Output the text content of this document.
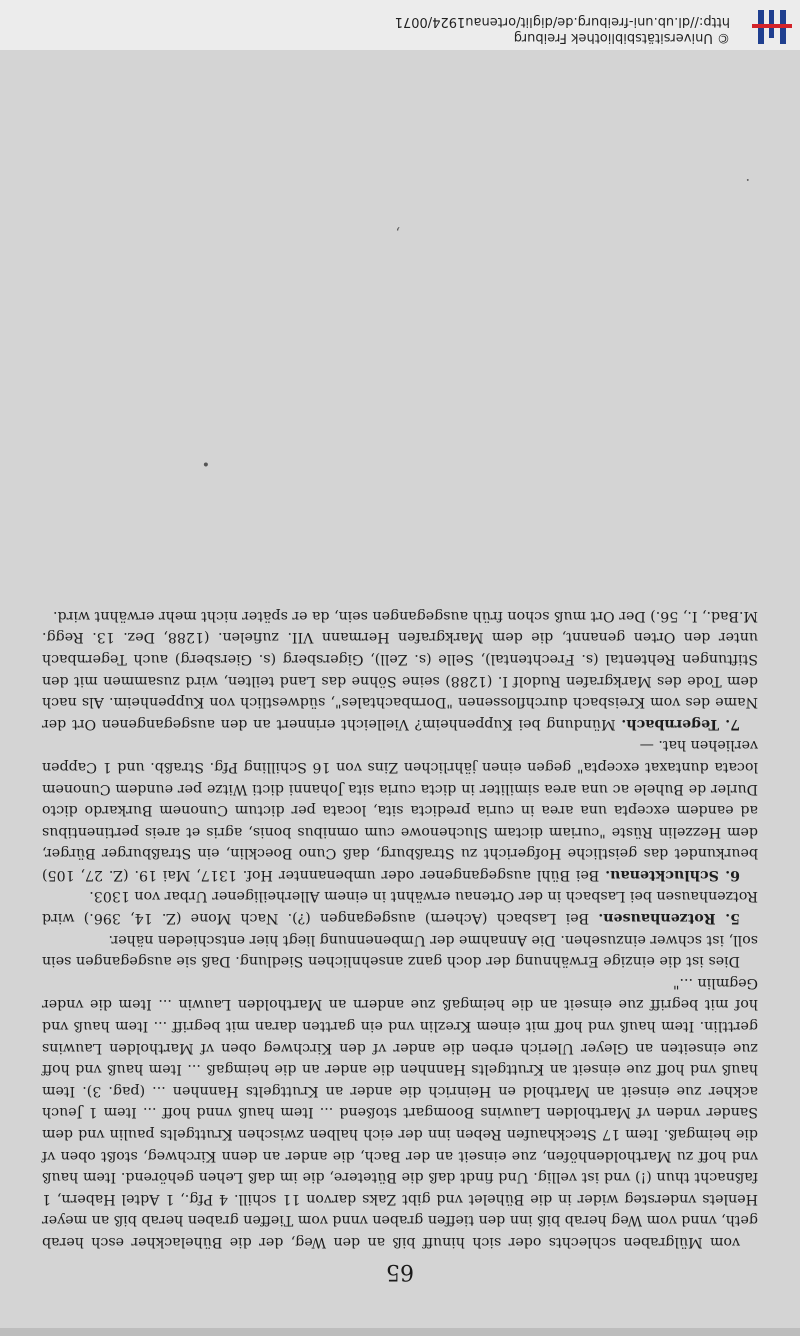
© Universitätsbibliothek Freiburg
http://dl.ub.uni-freiburg.de/diglit/ortenau1924/0071
65

vom Mülgraben schlechts oder sich hinuff biß an den Weg, der die Bühelackher esch herab geth, vnnd vom Weg herab biß inn den tieffen graben vnnd vom Tieffen graben herab biß an meyer Henlets vndersteg wider in die Bühelet vnd gibt Zaks darvon 11 schill. 4 Pfg., 1 Adtel Habern, 1 faßnacht thun (!) vnd ist vellig. Und findt daß die Bütetere, die im daß Lehen gehörend. Item hauß vnd hoff zu Martholdenhöfen, zue einseit an der Bach, die ander an denn Kirchweg, stoßt oben vf die heimgaß. Item 17 Steckhaufen Reben inn der eich halben zwischen Kruttgelts paulin vnd dem Sander vnden vf Martholden Lauwins Boomgart stoßend ... Item hauß vnnd hoff ... Item 1 Jeuch ackher zue einseit an Marthold en Heinrich die ander an Kruttgelts Hannhen ... (pag. 3). Item hauß vnd hoff zue einseit an Kruttgelts Hannhen die ander an die heimgaß ... Item hauß vnd hoff zue einseiten an Gleyer Ulerich erben die ander vf den Kirchweg oben vf Martholden Lauwins gerttlin. Item hauß vnd hoff mit einem Krezlin vnd ein gartten daran mit begriff ... Item hauß vnd hof mit begriff zue einseit an die heimgaß zue andern an Martholden Lauwin ... Item die vnder Gegmlin ..."

Dies ist die einzige Erwähnung der doch ganz ansehnlichen Siedlung. Daß sie ausgegangen sein soll, ist schwer einzusehen. Die Annahme der Umbenennung liegt hier entschieden näher.

5. Rotzenhausen. Bei Lasbach (Achern) ausgegangen (?). Nach Mone (Z. 14, 396.) wird Rotzenhausen bei Lasbach in der Ortenau erwähnt in einem Allerheiligener Urbar von 1303.

6. Schlucktenau. Bei Bühl ausgegangener oder umbenannter Hof. 1317, Mai 19. (Z. 27, 105) beurkundet das geistliche Hofgericht zu Straßburg, daß Cuno Boecklin, ein Straßburger Bürger, dem Hezzelin Rüste "curiam dictam Sluchenowe cum omnibus bonis, agris et areis pertinentibus ad eandem excepta una area in curia predicta sita, locata per dictum Cunonem Burkardo dicto Durler de Buhele ac una area similiter in dicta curia sita Johanni dicti Witze per eundem Cunonem locata duntaxat excepta" gegen einen jährlichen Zins von 16 Schilling Pfg. Straßb. und 1 Cappen verliehen hat. —

7. Tegernbach. Mündung bei Kuppenheim? Vielleicht erinnert an den ausgegangenen Ort der Name des vom Kreisbach durchflossenen "Dornbachtales", südwestlich von Kuppenheim. Als nach dem Tode des Markgrafen Rudolf I. (1288) seine Söhne das Land teilten, wird zusammen mit den Stiftungen Rehtental (s. Frechtental), Selle (s. Zell), Gigersberg (s. Giersberg) auch Tegernbach unter den Orten genannt, die dem Markgrafen Hermann VII. zufielen. (1288, Dez. 13. Regg. M.Bad., I., 56.) Der Ort muß schon früh ausgegangen sein, da er später nicht mehr erwähnt wird.

•
,
.
